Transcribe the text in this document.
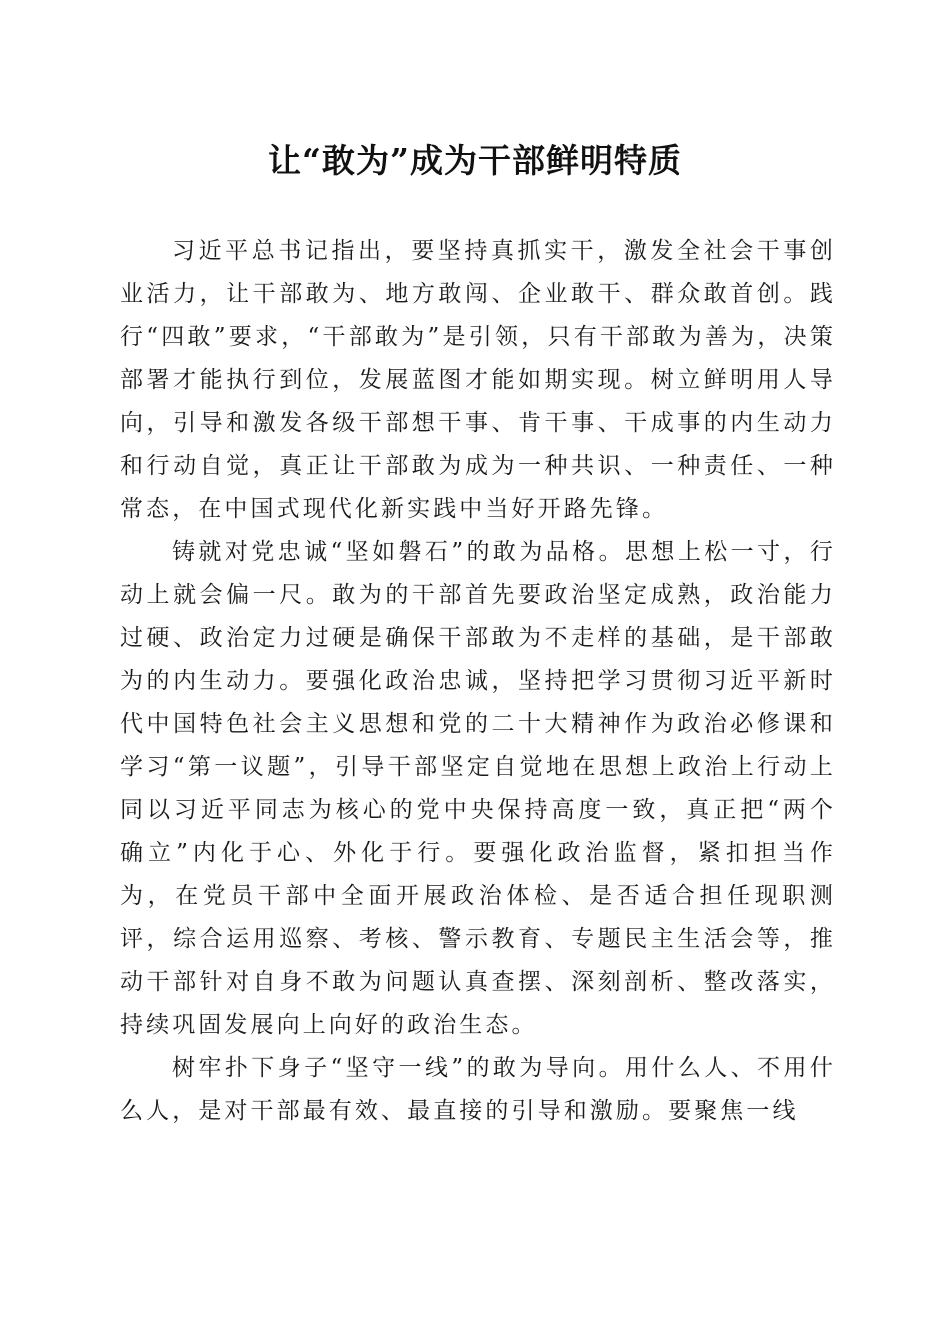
让“敢为”成为干部鲜明特质

习近平总书记指出，要坚持真抓实干，激发全社会干事创业活力，让干部敢为、地方敢闯、企业敢干、群众敢首创。践行“四敢”要求，“干部敢为”是引领，只有干部敢为善为，决策部署才能执行到位，发展蓝图才能如期实现。树立鲜明用人导向，引导和激发各级干部想干事、肯干事、干成事的内生动力和行动自觉，真正让干部敢为成为一种共识、一种责任、一种常态，在中国式现代化新实践中当好开路先锋。

铸就对党忠诚“坚如磐石”的敢为品格。思想上松一寸，行动上就会偏一尺。敢为的干部首先要政治坚定成熟，政治能力过硬、政治定力过硬是确保干部敢为不走样的基础，是干部敢为的内生动力。要强化政治忠诚，坚持把学习贯彻习近平新时代中国特色社会主义思想和党的二十大精神作为政治必修课和学习“第一议题”，引导干部坚定自觉地在思想上政治上行动上同以习近平同志为核心的党中央保持高度一致，真正把“两个确立”内化于心、外化于行。要强化政治监督，紧扣担当作为，在党员干部中全面开展政治体检、是否适合担任现职测评，综合运用巡察、考核、警示教育、专题民主生活会等，推动干部针对自身不敢为问题认真查摆、深刻剖析、整改落实，持续巩固发展向上向好的政治生态。

树牢扑下身子“坚守一线”的敢为导向。用什么人、不用什么人，是对干部最有效、最直接的引导和激励。要聚焦一线
